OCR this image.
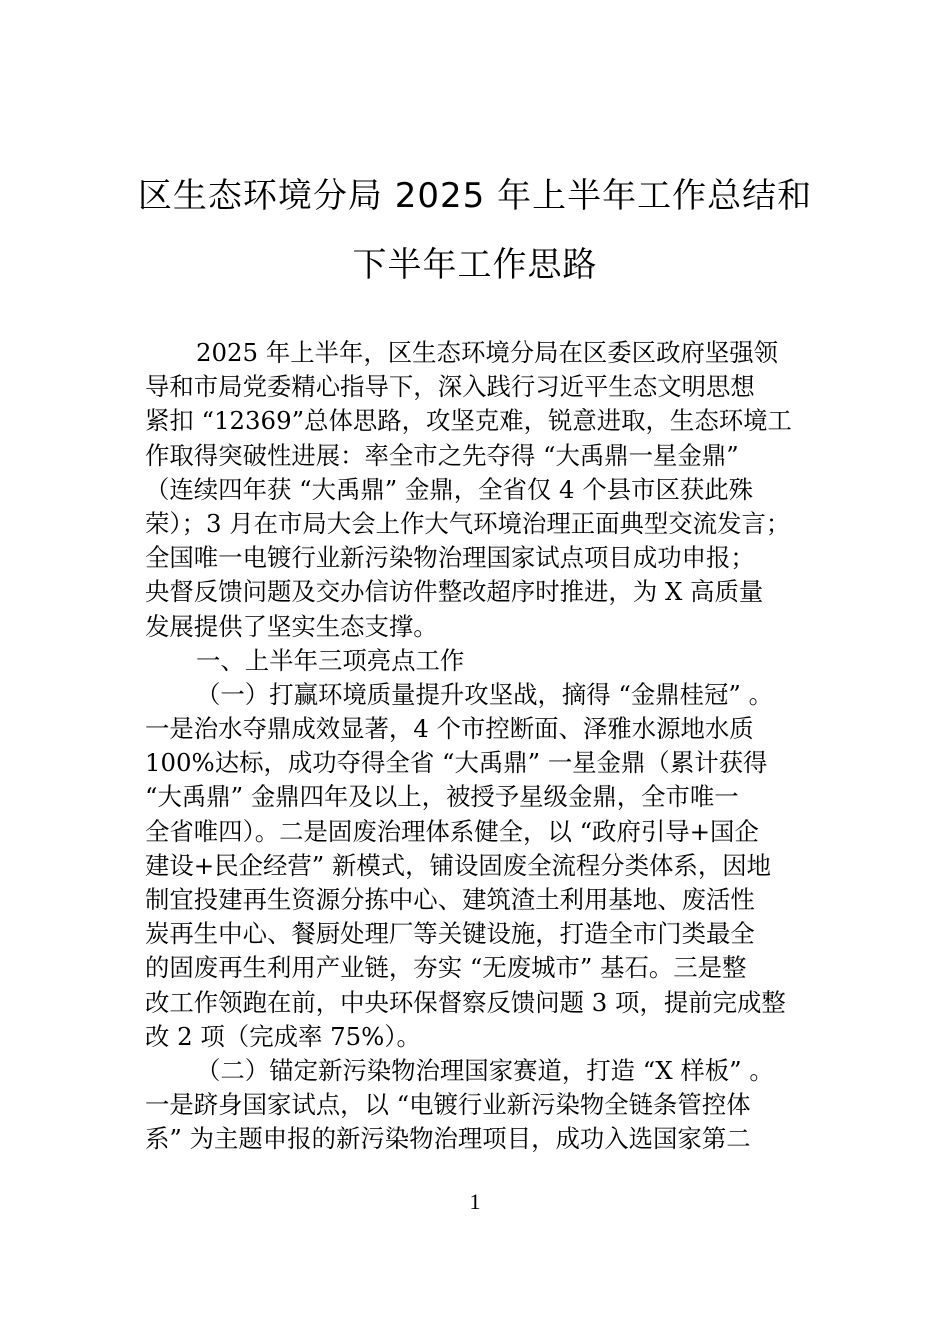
区生态环境分局 2025 年上半年工作总结和
下半年工作思路
2025 年上半年，区生态环境分局在区委区政府坚强领
导和市局党委精心指导下，深入践行习近平生态文明思想
紧扣 “12369”总体思路，攻坚克难，锐意进取，生态环境工
作取得突破性进展：率全市之先夺得 “大禹鼎一星金鼎”
（连续四年获 “大禹鼎” 金鼎，全省仅 4 个县市区获此殊
荣）；3 月在市局大会上作大气环境治理正面典型交流发言；
全国唯一电镀行业新污染物治理国家试点项目成功申报；
央督反馈问题及交办信访件整改超序时推进，为 X 高质量
发展提供了坚实生态支撑。
一、上半年三项亮点工作
（一）打赢环境质量提升攻坚战，摘得 “金鼎桂冠” 。
一是治水夺鼎成效显著，4 个市控断面、泽雅水源地水质
100%达标，成功夺得全省 “大禹鼎” 一星金鼎（累计获得
“大禹鼎” 金鼎四年及以上，被授予星级金鼎，全市唯一
全省唯四）。二是固废治理体系健全，以 “政府引导+国企
建设+民企经营” 新模式，铺设固废全流程分类体系，因地
制宜投建再生资源分拣中心、建筑渣土利用基地、废活性
炭再生中心、餐厨处理厂等关键设施，打造全市门类最全
的固废再生利用产业链，夯实 “无废城市” 基石。三是整
改工作领跑在前，中央环保督察反馈问题 3 项，提前完成整
改 2 项（完成率 75%）。
（二）锚定新污染物治理国家赛道，打造 “X 样板” 。
一是跻身国家试点，以 “电镀行业新污染物全链条管控体
系” 为主题申报的新污染物治理项目，成功入选国家第二
1
